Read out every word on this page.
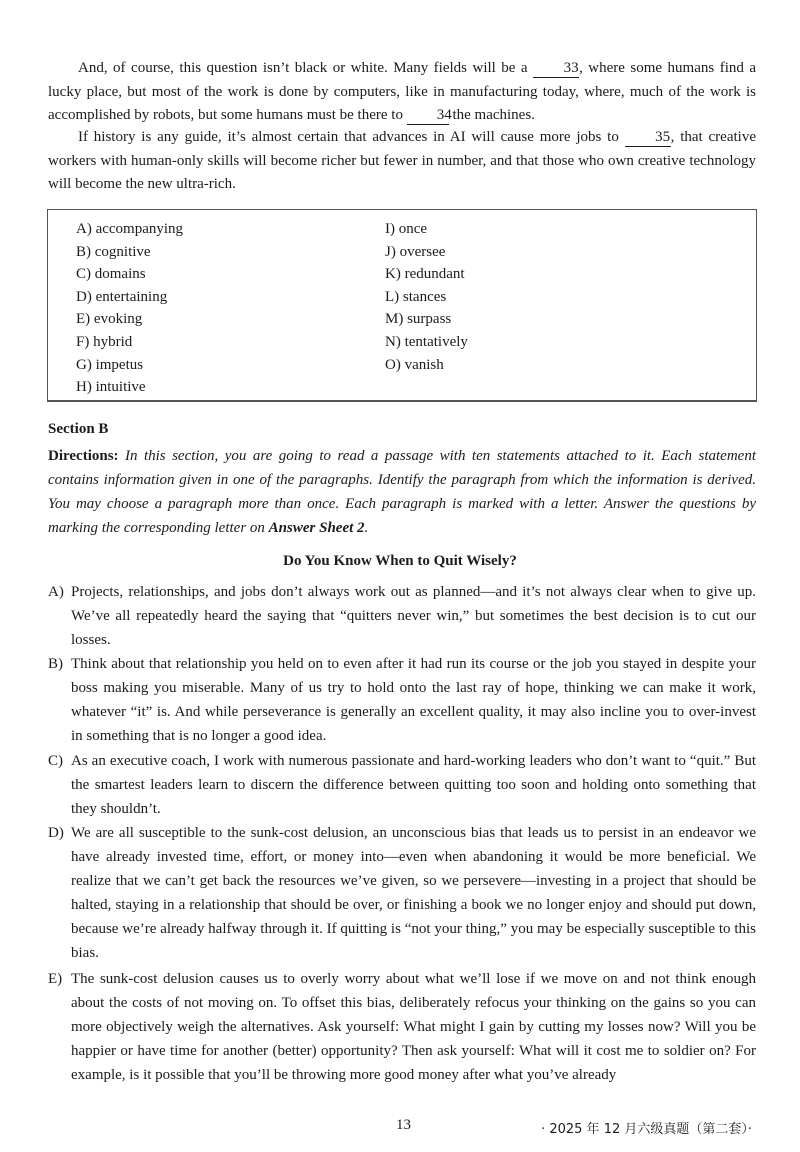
And, of course, this question isn’t black or white. Many fields will be a 33, where some humans find a lucky place, but most of the work is done by computers, like in manufacturing today, where, much of the work is accomplished by robots, but some humans must be there to 34 the machines.

If history is any guide, it’s almost certain that advances in AI will cause more jobs to 35, that creative workers with human-only skills will become richer but fewer in number, and that those who own creative technology will become the new ultra-rich.

A) accompanying
B) cognitive
C) domains
D) entertaining
E) evoking
F) hybrid
G) impetus
H) intuitive
I) once
J) oversee
K) redundant
L) stances
M) surpass
N) tentatively
O) vanish

Section B

Directions: In this section, you are going to read a passage with ten statements attached to it. Each statement contains information given in one of the paragraphs. Identify the paragraph from which the information is derived. You may choose a paragraph more than once. Each paragraph is marked with a letter. Answer the questions by marking the corresponding letter on Answer Sheet 2.

Do You Know When to Quit Wisely?

A) Projects, relationships, and jobs don’t always work out as planned—and it’s not always clear when to give up. We’ve all repeatedly heard the saying that “quitters never win,” but sometimes the best decision is to cut our losses.
B) Think about that relationship you held on to even after it had run its course or the job you stayed in despite your boss making you miserable. Many of us try to hold onto the last ray of hope, thinking we can make it work, whatever “it” is. And while perseverance is generally an excellent quality, it may also incline you to over-invest in something that is no longer a good idea.
C) As an executive coach, I work with numerous passionate and hard-working leaders who don’t want to “quit.” But the smartest leaders learn to discern the difference between quitting too soon and holding onto something that they shouldn’t.
D) We are all susceptible to the sunk-cost delusion, an unconscious bias that leads us to persist in an endeavor we have already invested time, effort, or money into—even when abandoning it would be more beneficial. We realize that we can’t get back the resources we’ve given, so we persevere—investing in a project that should be halted, staying in a relationship that should be over, or finishing a book we no longer enjoy and should put down, because we’re already halfway through it. If quitting is “not your thing,” you may be especially susceptible to this bias.
E) The sunk-cost delusion causes us to overly worry about what we’ll lose if we move on and not think enough about the costs of not moving on. To offset this bias, deliberately refocus your thinking on the gains so you can more objectively weigh the alternatives. Ask yourself: What might I gain by cutting my losses now? Will you be happier or have time for another (better) opportunity? Then ask yourself: What will it cost me to soldier on? For example, is it possible that you’ll be throwing more good money after what you’ve already
13	· 2025 年 12 月六级真题（第二套）·
